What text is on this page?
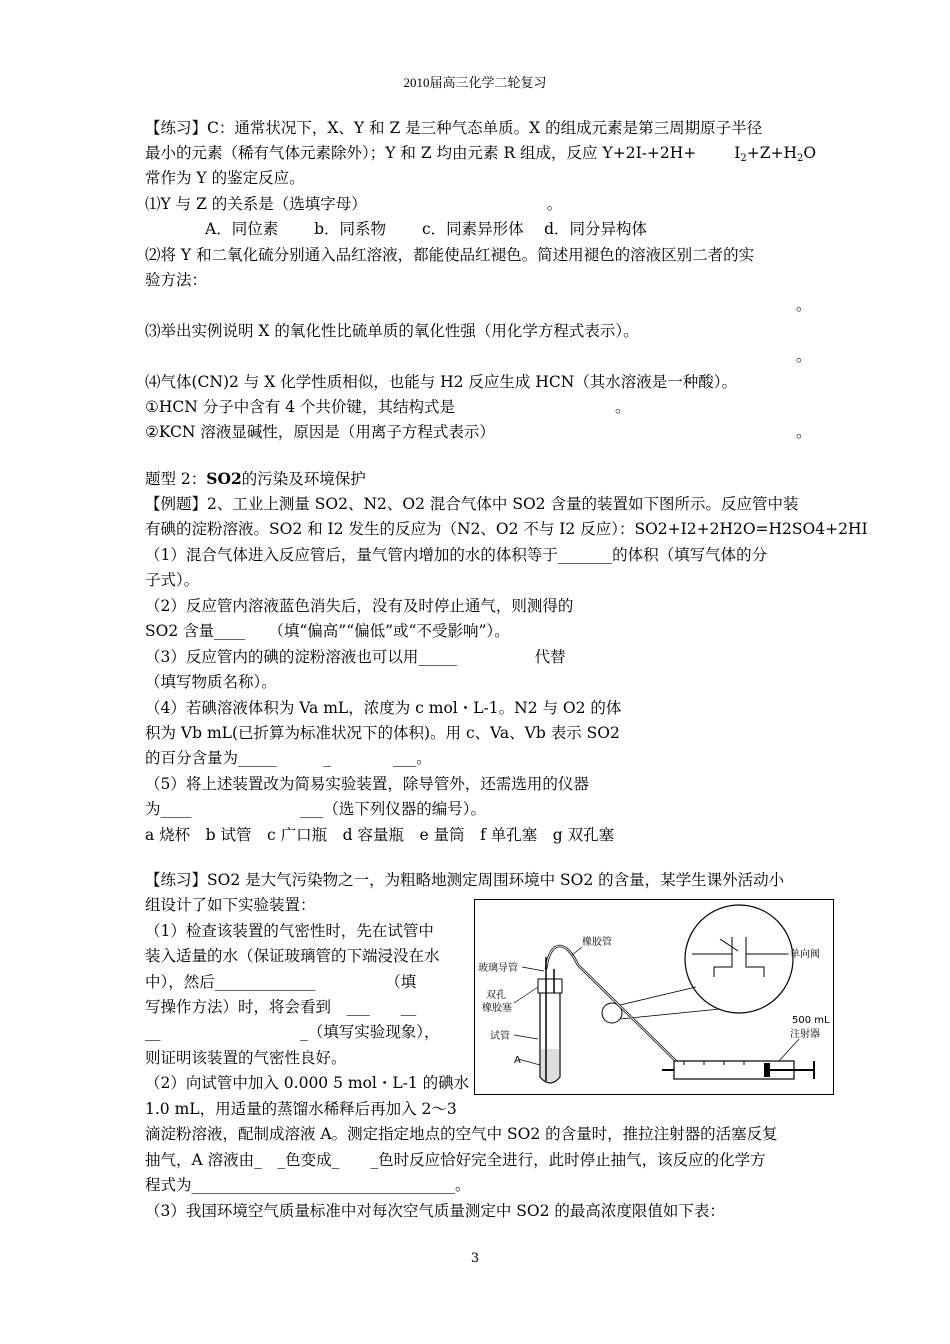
2010届高三化学二轮复习
【练习】C：通常状况下，X、Y 和 Z 是三种气态单质。X 的组成元素是第三周期原子半径
最小的元素（稀有气体元素除外）；Y 和 Z 均由元素 R 组成，反应 $Y+2I-+2H+ I_2+Z+H_2O$
常作为 Y 的鉴定反应。
⑴Y 与 Z 的关系是（选填字母）	。
A．同位素　　 b．同系物　　 c．同素异形体　 d．同分异构体
⑵将 Y 和二氧化硫分别通入品红溶液，都能使品红褪色。简述用褪色的溶液区别二者的实
验方法：
。
⑶举出实例说明 X 的氧化性比硫单质的氧化性强（用化学方程式表示）。
。
⑷气体(CN)2 与 X 化学性质相似，也能与 H2 反应生成 HCN（其水溶液是一种酸）。
①HCN 分子中含有 4 个共价键，其结构式是	。
②KCN 溶液显碱性，原因是（用离子方程式表示）	。
题型 2：SO2的污染及环境保护
【例题】2、工业上测量 SO2、N2、O2 混合气体中 SO2 含量的装置如下图所示。反应管中装
有碘的淀粉溶液。SO2 和 I2 发生的反应为（N2、O2 不与 I2 反应）：SO2+I2+2H2O=H2SO4+2HI
（1）混合气体进入反应管后，量气管内增加的水的体积等于_______的体积（填写气体的分
子式）。
（2）反应管内溶液蓝色消失后，没有及时停止通气，则测得的
SO2 含量____　　（填“偏高”“偏低”或“不受影响”）。
（3）反应管内的碘的淀粉溶液也可以用_____　　　　　代替
（填写物质名称）。
（4）若碘溶液体积为 Va mL，浓度为 c mol・L-1。N2 与 O2 的体
积为 Vb mL(已折算为标准状况下的体积)。用 c、Va、Vb 表示 SO2
的百分含量为_____　　　_　　　　___。
（5）将上述装置改为简易实验装置，除导管外，还需选用的仪器
为____　　　　　　　___（选下列仪器的编号）。
a 烧杯　b 试管　c 广口瓶　d 容量瓶　e 量筒　f 单孔塞　g 双孔塞
【练习】SO2 是大气污染物之一，为粗略地测定周围环境中 SO2 的含量，某学生课外活动小
组设计了如下实验装置：
（1）检查该装置的气密性时，先在试管中
装入适量的水（保证玻璃管的下端浸没在水
中），然后_____________　　　　　（填
写操作方法）时，将会看到　___　　__
__　　　　　　　　　_（填写实验现象），
则证明该装置的气密性良好。
（2）向试管中加入 0.000 5 mol・L-1 的碘水
1.0 mL，用适量的蒸馏水稀释后再加入 2～3
滴淀粉溶液，配制成溶液 A。测定指定地点的空气中 SO2 的含量时，推拉注射器的活塞反复
抽气，A 溶液由_　_色变成_　　_色时反应恰好完全进行，此时停止抽气，该反应的化学方
程式为__________________________________。
（3）我国环境空气质量标准中对每次空气质量测定中 SO2 的最高浓度限值如下表：
橡胶管
单向阀
玻璃导管
双孔
橡胶塞
试管
A
500 mL
注射器
3
